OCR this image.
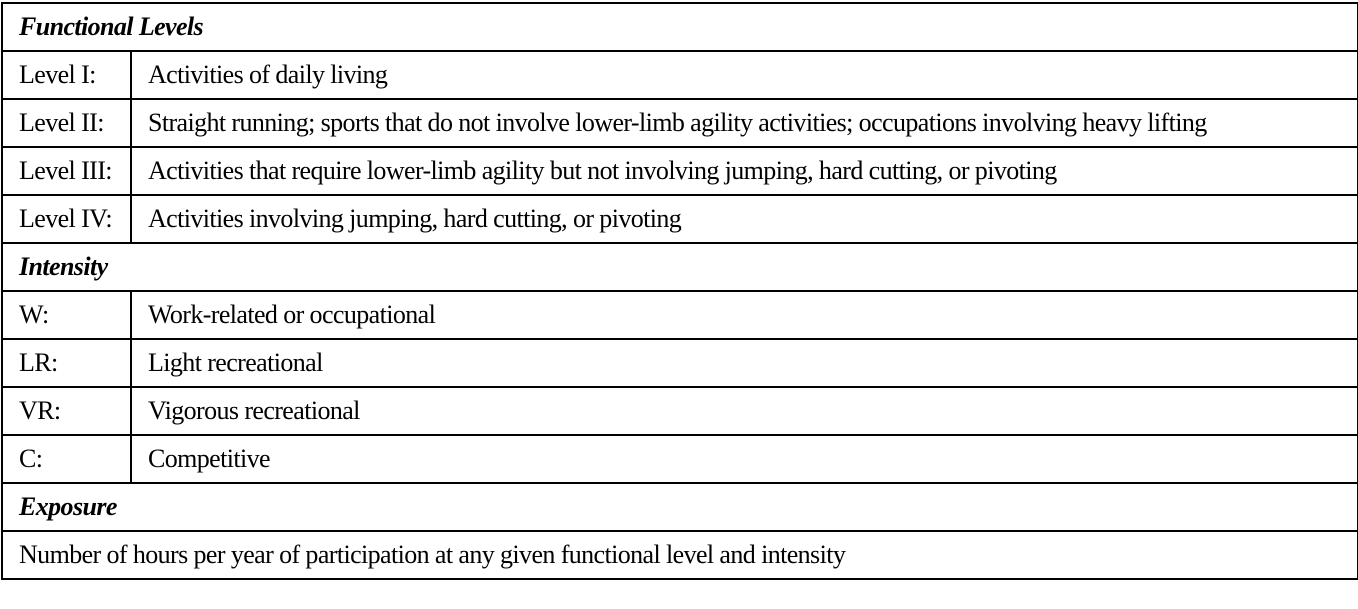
Functional Levels	
Level I:	Activities of daily living
Level II:	Straight running; sports that do not involve lower-limb agility activities; occupations involving heavy lifting
Level III:	Activities that require lower-limb agility but not involving jumping, hard cutting, or pivoting
Level IV:	Activities involving jumping, hard cutting, or pivoting
Intensity	
W:	Work-related or occupational
LR:	Light recreational
VR:	Vigorous recreational
C:	Competitive
Exposure	
Number of hours per year of participation at any given functional level and intensity	
